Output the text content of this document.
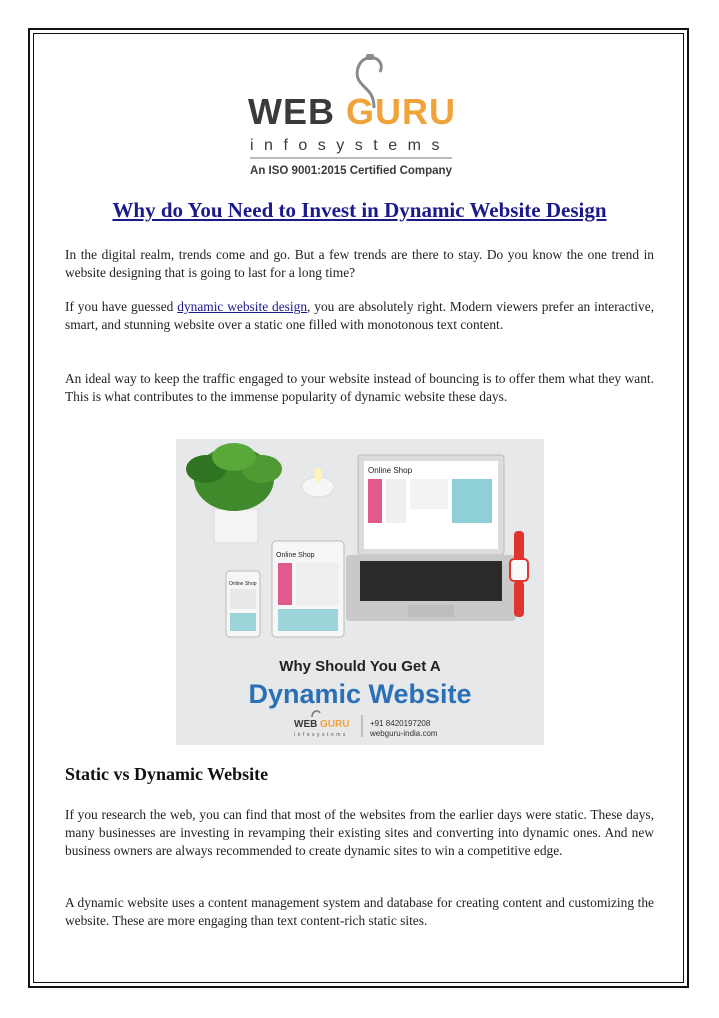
WEB GURU
infosystems
An ISO 9001:2015 Certified Company
Why do You Need to Invest in Dynamic Website Design

In the digital realm, trends come and go. But a few trends are there to stay. Do you know the one trend in website designing that is going to last for a long time?

If you have guessed dynamic website design, you are absolutely right. Modern viewers prefer an interactive, smart, and stunning website over a static one filled with monotonous text content.

An ideal way to keep the traffic engaged to your website instead of bouncing is to offer them what they want. This is what contributes to the immense popularity of dynamic website these days.

Online Shop
Online Shop
Online Shop
Why Should You Get A
Dynamic Website
WEB GURU
infosystems
+91 8420197208
webguru-india.com
Static vs Dynamic Website

If you research the web, you can find that most of the websites from the earlier days were static. These days, many businesses are investing in revamping their existing sites and converting into dynamic ones. And new business owners are always recommended to create dynamic sites to win a competitive edge.

A dynamic website uses a content management system and database for creating content and customizing the website. These are more engaging than text content-rich static sites.
